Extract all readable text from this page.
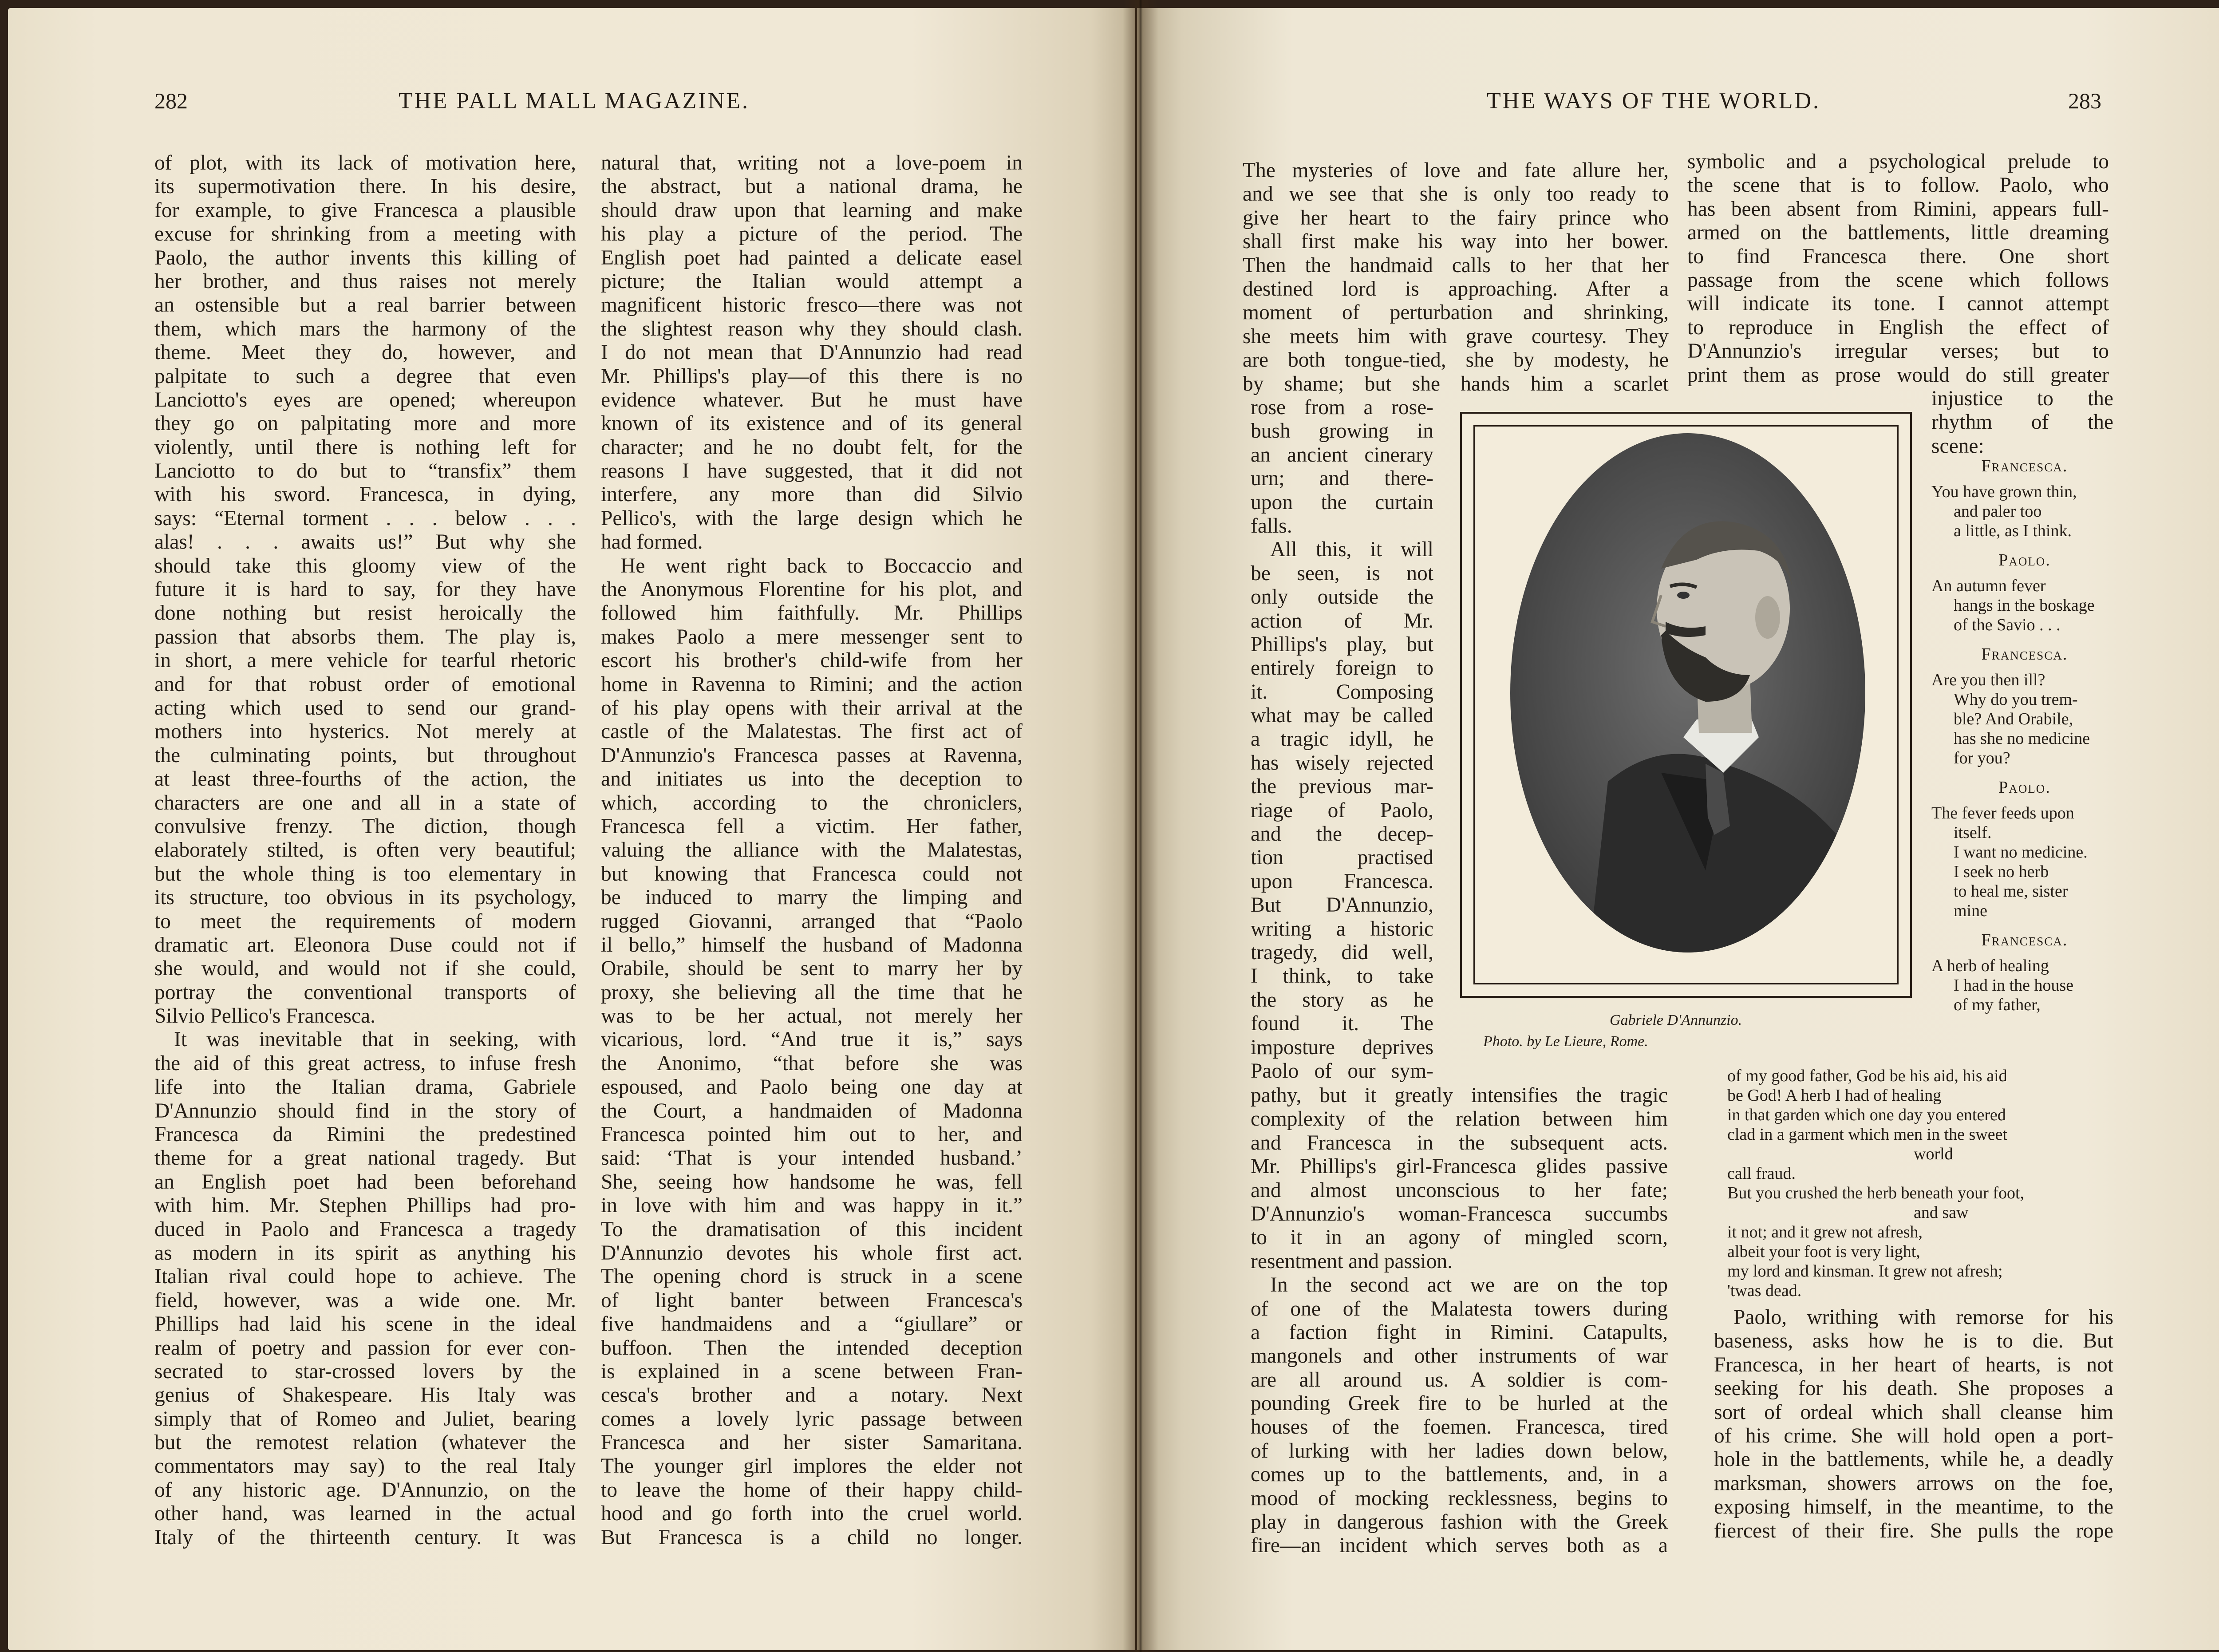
282	THE PALL MALL MAGAZINE.
of plot, with its lack of motivation here,
its supermotivation there. In his desire,
for example, to give Francesca a plausible
excuse for shrinking from a meeting with
Paolo, the author invents this killing of
her brother, and thus raises not merely
an ostensible but a real barrier between
them, which mars the harmony of the
theme. Meet they do, however, and
palpitate to such a degree that even
Lanciotto's eyes are opened; whereupon
they go on palpitating more and more
violently, until there is nothing left for
Lanciotto to do but to “transfix” them
with his sword. Francesca, in dying,
says: “Eternal torment . . . below . . .
alas! . . . awaits us!” But why she
should take this gloomy view of the
future it is hard to say, for they have
done nothing but resist heroically the
passion that absorbs them. The play is,
in short, a mere vehicle for tearful rhetoric
and for that robust order of emotional
acting which used to send our grand-
mothers into hysterics. Not merely at
the culminating points, but throughout
at least three-fourths of the action, the
characters are one and all in a state of
convulsive frenzy. The diction, though
elaborately stilted, is often very beautiful;
but the whole thing is too elementary in
its structure, too obvious in its psychology,
to meet the requirements of modern
dramatic art. Eleonora Duse could not if
she would, and would not if she could,
portray the conventional transports of
Silvio Pellico's Francesca.
It was inevitable that in seeking, with
the aid of this great actress, to infuse fresh
life into the Italian drama, Gabriele
D'Annunzio should find in the story of
Francesca da Rimini the predestined
theme for a great national tragedy. But
an English poet had been beforehand
with him. Mr. Stephen Phillips had pro-
duced in Paolo and Francesca a tragedy
as modern in its spirit as anything his
Italian rival could hope to achieve. The
field, however, was a wide one. Mr.
Phillips had laid his scene in the ideal
realm of poetry and passion for ever con-
secrated to star-crossed lovers by the
genius of Shakespeare. His Italy was
simply that of Romeo and Juliet, bearing
but the remotest relation (whatever the
commentators may say) to the real Italy
of any historic age. D'Annunzio, on the
other hand, was learned in the actual
Italy of the thirteenth century. It was
natural that, writing not a love-poem in
the abstract, but a national drama, he
should draw upon that learning and make
his play a picture of the period. The
English poet had painted a delicate easel
picture; the Italian would attempt a
magnificent historic fresco—there was not
the slightest reason why they should clash.
I do not mean that D'Annunzio had read
Mr. Phillips's play—of this there is no
evidence whatever. But he must have
known of its existence and of its general
character; and he no doubt felt, for the
reasons I have suggested, that it did not
interfere, any more than did Silvio
Pellico's, with the large design which he
had formed.
He went right back to Boccaccio and
the Anonymous Florentine for his plot, and
followed him faithfully. Mr. Phillips
makes Paolo a mere messenger sent to
escort his brother's child-wife from her
home in Ravenna to Rimini; and the action
of his play opens with their arrival at the
castle of the Malatestas. The first act of
D'Annunzio's Francesca passes at Ravenna,
and initiates us into the deception to
which, according to the chroniclers,
Francesca fell a victim. Her father,
valuing the alliance with the Malatestas,
but knowing that Francesca could not
be induced to marry the limping and
rugged Giovanni, arranged that “Paolo
il bello,” himself the husband of Madonna
Orabile, should be sent to marry her by
proxy, she believing all the time that he
was to be her actual, not merely her
vicarious, lord. “And true it is,” says
the Anonimo, “that before she was
espoused, and Paolo being one day at
the Court, a handmaiden of Madonna
Francesca pointed him out to her, and
said: ‘That is your intended husband.’
She, seeing how handsome he was, fell
in love with him and was happy in it.”
To the dramatisation of this incident
D'Annunzio devotes his whole first act.
The opening chord is struck in a scene
of light banter between Francesca's
five handmaidens and a “giullare” or
buffoon. Then the intended deception
is explained in a scene between Fran-
cesca's brother and a notary. Next
comes a lovely lyric passage between
Francesca and her sister Samaritana.
The younger girl implores the elder not
to leave the home of their happy child-
hood and go forth into the cruel world.
But Francesca is a child no longer.
THE WAYS OF THE WORLD.	283
The mysteries of love and fate allure her,
and we see that she is only too ready to
give her heart to the fairy prince who
shall first make his way into her bower.
Then the handmaid calls to her that her
destined lord is approaching. After a
moment of perturbation and shrinking,
she meets him with grave courtesy. They
are both tongue-tied, she by modesty, he
by shame; but she hands him a scarlet
rose from a rose-
bush growing in
an ancient cinerary
urn; and there-
upon the curtain
falls.
All this, it will
be seen, is not
only outside the
action of Mr.
Phillips's play, but
entirely foreign to
it. Composing
what may be called
a tragic idyll, he
has wisely rejected
the previous mar-
riage of Paolo,
and the decep-
tion practised
upon Francesca.
But D'Annunzio,
writing a historic
tragedy, did well,
I think, to take
the story as he
found it. The
imposture deprives
Paolo of our sym-
pathy, but it greatly intensifies the tragic
complexity of the relation between him
and Francesca in the subsequent acts.
Mr. Phillips's girl-Francesca glides passive
and almost unconscious to her fate;
D'Annunzio's woman-Francesca succumbs
to it in an agony of mingled scorn,
resentment and passion.
In the second act we are on the top
of one of the Malatesta towers during
a faction fight in Rimini. Catapults,
mangonels and other instruments of war
are all around us. A soldier is com-
pounding Greek fire to be hurled at the
houses of the foemen. Francesca, tired
of lurking with her ladies down below,
comes up to the battlements, and, in a
mood of mocking recklessness, begins to
play in dangerous fashion with the Greek
fire—an incident which serves both as a
symbolic and a psychological prelude to
the scene that is to follow. Paolo, who
has been absent from Rimini, appears full-
armed on the battlements, little dreaming
to find Francesca there. One short
passage from the scene which follows
will indicate its tone. I cannot attempt
to reproduce in English the effect of
D'Annunzio's irregular verses; but to
print them as prose would do still greater
injustice to the
rhythm of the
scene:
Francesca.
You have grown thin,
and paler too
a little, as I think.
Paolo.
An autumn fever
hangs in the boskage
of the Savio . . .
Francesca.
Are you then ill?
Why do you trem-
ble? And Orabile,
has she no medicine
for you?
Paolo.
The fever feeds upon
itself.
I want no medicine.
I seek no herb
to heal me, sister
mine
Francesca.
A herb of healing
I had in the house
of my father,
of my good father, God be his aid, his aid
be God! A herb I had of healing
in that garden which one day you entered
clad in a garment which men in the sweet
world
call fraud.
But you crushed the herb beneath your foot,
and saw
it not; and it grew not afresh,
albeit your foot is very light,
my lord and kinsman. It grew not afresh;
'twas dead.
Paolo, writhing with remorse for his
baseness, asks how he is to die. But
Francesca, in her heart of hearts, is not
seeking for his death. She proposes a
sort of ordeal which shall cleanse him
of his crime. She will hold open a port-
hole in the battlements, while he, a deadly
marksman, showers arrows on the foe,
exposing himself, in the meantime, to the
fiercest of their fire. She pulls the rope
Gabriele D'Annunzio.
Photo. by Le Lieure, Rome.
